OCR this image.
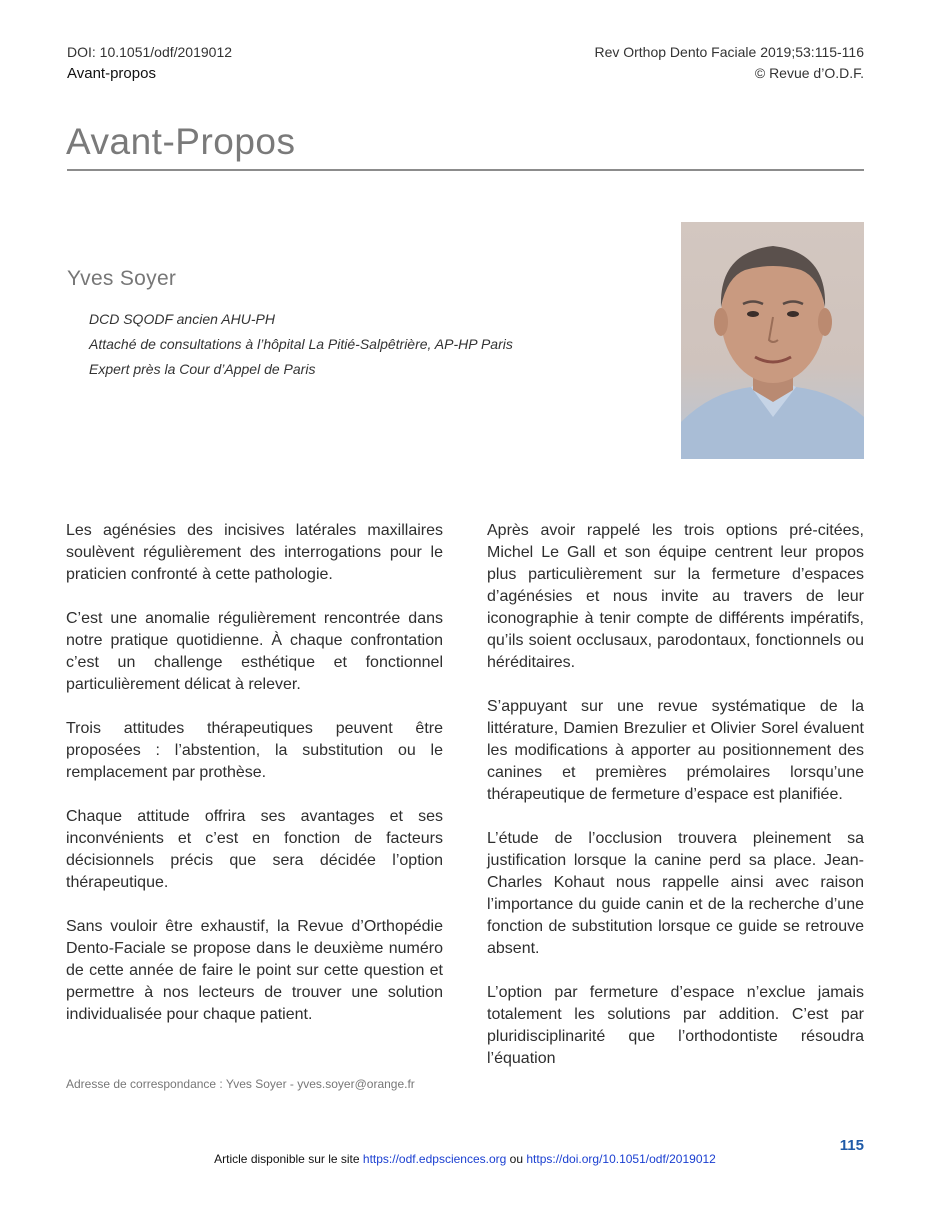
DOI: 10.1051/odf/2019012
Avant-propos
Rev Orthop Dento Faciale 2019;53:115-116
© Revue d’O.D.F.
Avant-Propos
Yves Soyer
DCD SQODF ancien AHU-PH
Attaché de consultations à l’hôpital La Pitié-Salpêtrière, AP-HP Paris
Expert près la Cour d’Appel de Paris

Les agénésies des incisives latérales maxillaires soulèvent régulièrement des interrogations pour le praticien confronté à cette pathologie.

C’est une anomalie régulièrement rencontrée dans notre pratique quotidienne. À chaque confrontation c’est un challenge esthétique et fonctionnel particulièrement délicat à relever.

Trois attitudes thérapeutiques peuvent être proposées : l’abstention, la substitution ou le remplacement par prothèse.

Chaque attitude offrira ses avantages et ses inconvénients et c’est en fonction de facteurs décisionnels précis que sera décidée l’option thérapeutique.

Sans vouloir être exhaustif, la Revue d’Orthopédie Dento-Faciale se propose dans le deuxième numéro de cette année de faire le point sur cette question et permettre à nos lecteurs de trouver une solution individualisée pour chaque patient.

Après avoir rappelé les trois options pré-citées, Michel Le Gall et son équipe centrent leur propos plus particulièrement sur la fermeture d’espaces d’agénésies et nous invite au travers de leur iconographie à tenir compte de différents impératifs, qu’ils soient occlusaux, parodontaux, fonctionnels ou héréditaires.

S’appuyant sur une revue systématique de la littérature, Damien Brezulier et Olivier Sorel évaluent les modifications à apporter au positionnement des canines et premières prémolaires lorsqu’une thérapeutique de fermeture d’espace est planifiée.

L’étude de l’occlusion trouvera pleinement sa justification lorsque la canine perd sa place. Jean-Charles Kohaut nous rappelle ainsi avec raison l’importance du guide canin et de la recherche d’une fonction de substitution lorsque ce guide se retrouve absent.

L’option par fermeture d’espace n’exclue jamais totalement les solutions par addition. C’est par pluridisciplinarité que l’orthodontiste résoudra l’équation

Adresse de correspondance : Yves Soyer - yves.soyer@orange.fr
115
Article disponible sur le site https://odf.edpsciences.org ou https://doi.org/10.1051/odf/2019012
